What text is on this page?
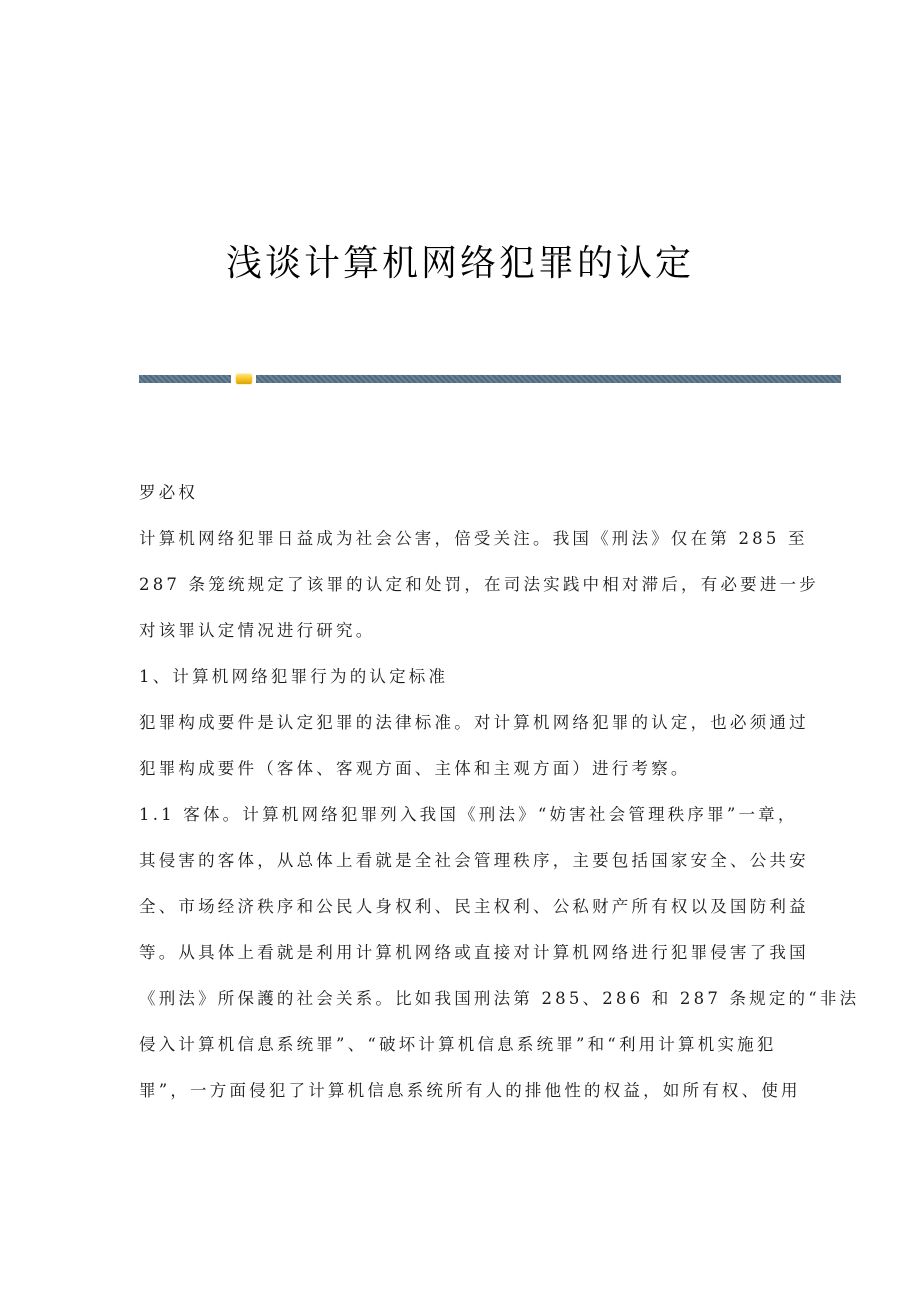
浅谈计算机网络犯罪的认定
罗必权
计算机网络犯罪日益成为社会公害，倍受关注。我国《刑法》仅在第 285 至
287 条笼统规定了该罪的认定和处罚，在司法实践中相对滞后，有必要进一步
对该罪认定情况进行研究。
1、计算机网络犯罪行为的认定标准
犯罪构成要件是认定犯罪的法律标准。对计算机网络犯罪的认定，也必须通过
犯罪构成要件（客体、客观方面、主体和主观方面）进行考察。
1.1 客体。计算机网络犯罪列入我国《刑法》“妨害社会管理秩序罪”一章，
其侵害的客体，从总体上看就是全社会管理秩序，主要包括国家安全、公共安
全、市场经济秩序和公民人身权利、民主权利、公私财产所有权以及国防利益
等。从具体上看就是利用计算机网络或直接对计算机网络进行犯罪侵害了我国
《刑法》所保護的社会关系。比如我国刑法第 285、286 和 287 条规定的“非法
侵入计算机信息系统罪”、“破坏计算机信息系统罪”和“利用计算机实施犯
罪”，一方面侵犯了计算机信息系统所有人的排他性的权益，如所有权、使用
